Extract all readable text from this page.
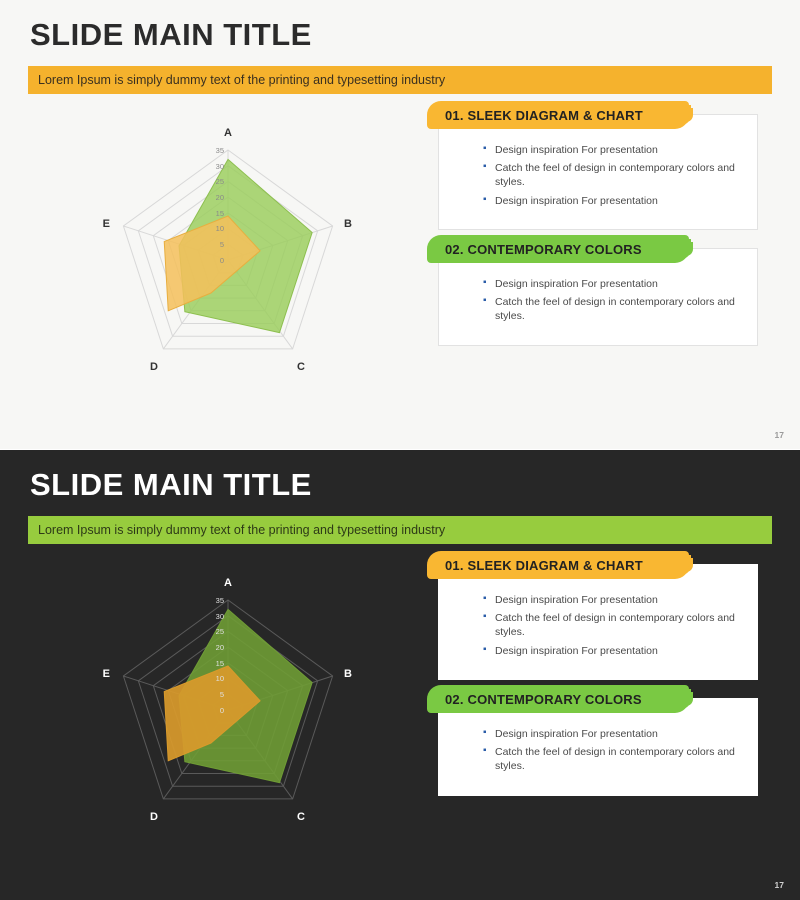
SLIDE MAIN TITLE
Lorem Ipsum is simply dummy text of the printing and typesetting industry
35
30
25
20
15
10
5
0
A
B
C
D
E
01. SLEEK DIAGRAM & CHART
▪ Design inspiration For presentation
▪ Catch the feel of design in contemporary colors and styles.
▪ Design inspiration For presentation
02. CONTEMPORARY COLORS
▪ Design inspiration For presentation
▪ Catch the feel of design in contemporary colors and styles.
17
SLIDE MAIN TITLE
Lorem Ipsum is simply dummy text of the printing and typesetting industry
35
30
25
20
15
10
5
0
A
B
C
D
E
01. SLEEK DIAGRAM & CHART
▪ Design inspiration For presentation
▪ Catch the feel of design in contemporary colors and styles.
▪ Design inspiration For presentation
02. CONTEMPORARY COLORS
▪ Design inspiration For presentation
▪ Catch the feel of design in contemporary colors and styles.
17
